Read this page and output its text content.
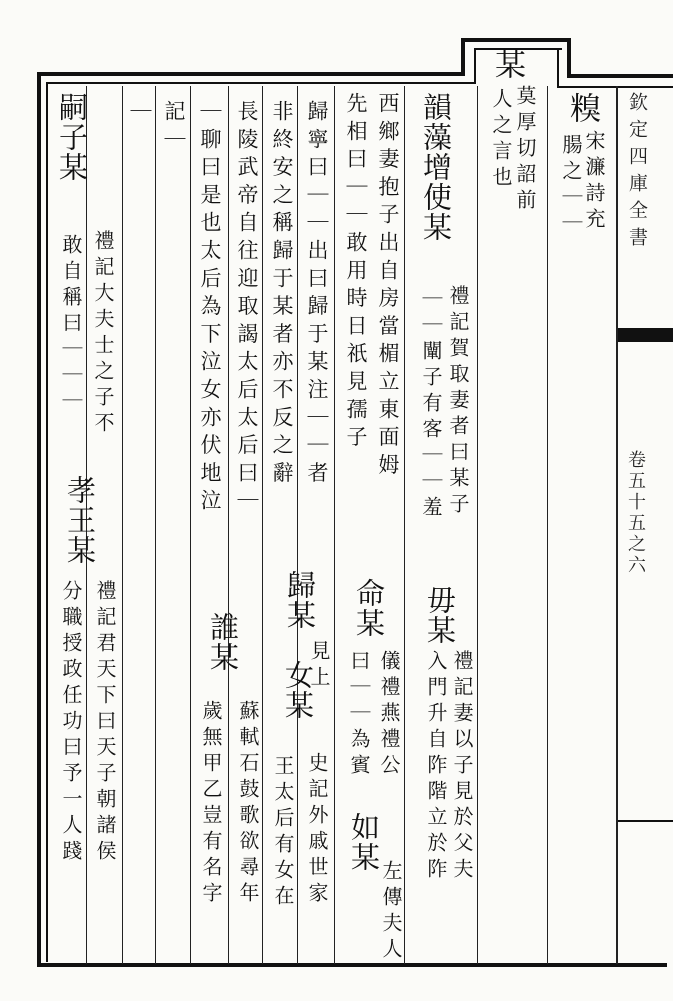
欽定四庫全書
卷五十五之六
糗
宋濂詩充
腸之｜｜
某
莫厚切詔前
人之言也
韻藻增使某
禮記賀取妻者曰某子
｜｜闡子有客｜｜羞
毋某
禮記妻以子見於父夫
入門升自阼階立於阼
西鄉妻抱子出自房當楣立東面姆
先相曰｜｜敢用時日祇見孺子
命某
儀禮燕禮公
曰｜｜為賓
如某
左傳夫人
歸寧曰｜｜出曰歸于某注｜｜者
歸某
見上
女某
史記外戚世家
非終安之稱歸于某者亦不反之辭
王太后有女在
長陵武帝自往迎取謁太后太后曰｜
蘇軾石鼓歌欲尋年
｜聊曰是也太后為下泣女亦伏地泣
誰某
歲無甲乙豈有名字
記｜
｜
嗣子某
禮記大夫士之子不
敢自稱曰｜｜｜
孝王某
禮記君天下曰天子朝諸侯
分職授政任功曰予一人踐
